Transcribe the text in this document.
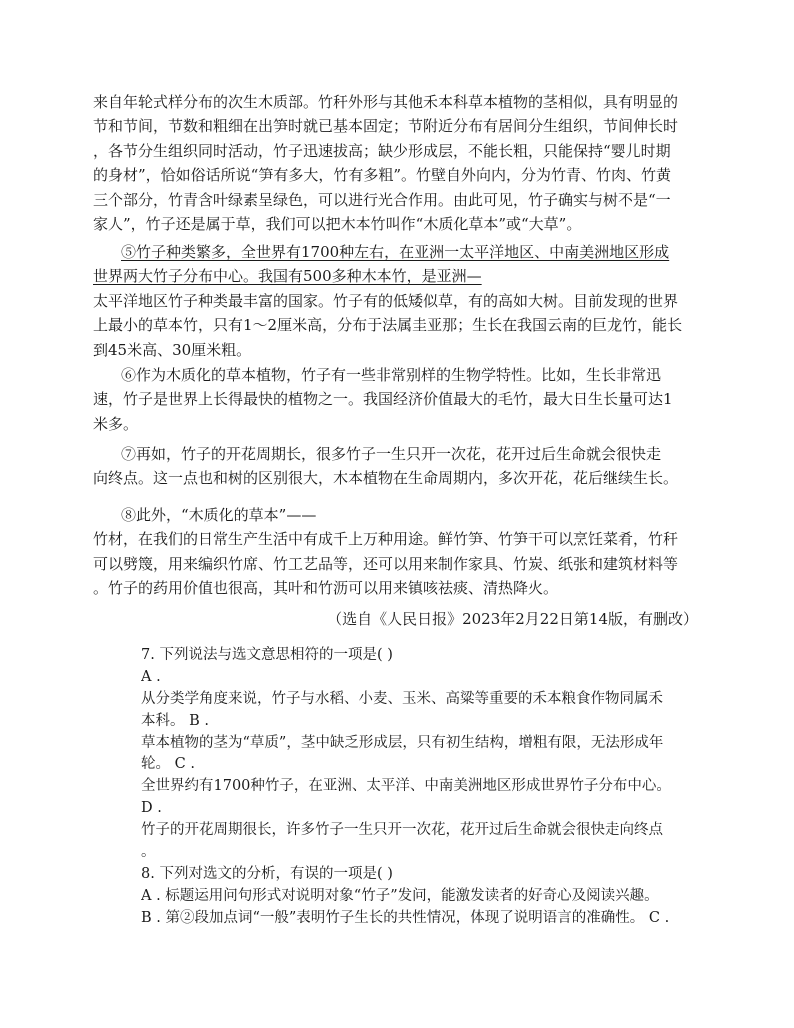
来自年轮式样分布的次生木质部。竹秆外形与其他禾本科草本植物的茎相似，具有明显的
节和节间，节数和粗细在出笋时就已基本固定；节附近分布有居间分生组织，节间伸长时
，各节分生组织同时活动，竹子迅速拔高；缺少形成层，不能长粗，只能保持“婴儿时期
的身材”，恰如俗话所说“笋有多大，竹有多粗”。竹壁自外向内，分为竹青、竹肉、竹黄
三个部分，竹青含叶绿素呈绿色，可以进行光合作用。由此可见，竹子确实与树不是“一
家人”，竹子还是属于草，我们可以把木本竹叫作“木质化草本”或“大草”。
⑤竹子种类繁多，全世界有1700种左右，在亚洲一太平洋地区、中南美洲地区形成
世界两大竹子分布中心。我国有500多种木本竹，是亚洲—
太平洋地区竹子种类最丰富的国家。竹子有的低矮似草，有的高如大树。目前发现的世界
上最小的草本竹，只有1～2厘米高，分布于法属圭亚那；生长在我国云南的巨龙竹，能长
到45米高、30厘米粗。
⑥作为木质化的草本植物，竹子有一些非常别样的生物学特性。比如，生长非常迅
速，竹子是世界上长得最快的植物之一。我国经济价值最大的毛竹，最大日生长量可达1
米多。
⑦再如，竹子的开花周期长，很多竹子一生只开一次花，花开过后生命就会很快走
向终点。这一点也和树的区别很大，木本植物在生命周期内，多次开花，花后继续生长。
⑧此外，“木质化的草本”——
竹材，在我们的日常生产生活中有成千上万种用途。鲜竹笋、竹笋干可以烹饪菜肴，竹秆
可以劈篾，用来编织竹席、竹工艺品等，还可以用来制作家具、竹炭、纸张和建筑材料等
。竹子的药用价值也很高，其叶和竹沥可以用来镇咳祛痰、清热降火。
（选自《人民日报》2023年2月22日第14版，有删改）
7. 下列说法与选文意思相符的一项是( )
A .
从分类学角度来说，竹子与水稻、小麦、玉米、高粱等重要的禾本粮食作物同属禾
本科。 B .
草本植物的茎为“草质”，茎中缺乏形成层，只有初生结构，增粗有限，无法形成年
轮。 C .
全世界约有1700种竹子，在亚洲、太平洋、中南美洲地区形成世界竹子分布中心。
D .
竹子的开花周期很长，许多竹子一生只开一次花，花开过后生命就会很快走向终点
。
8. 下列对选文的分析，有误的一项是( )
A . 标题运用问句形式对说明对象“竹子”发问，能激发读者的好奇心及阅读兴趣。
B . 第②段加点词“一般”表明竹子生长的共性情况，体现了说明语言的准确性。 C .
